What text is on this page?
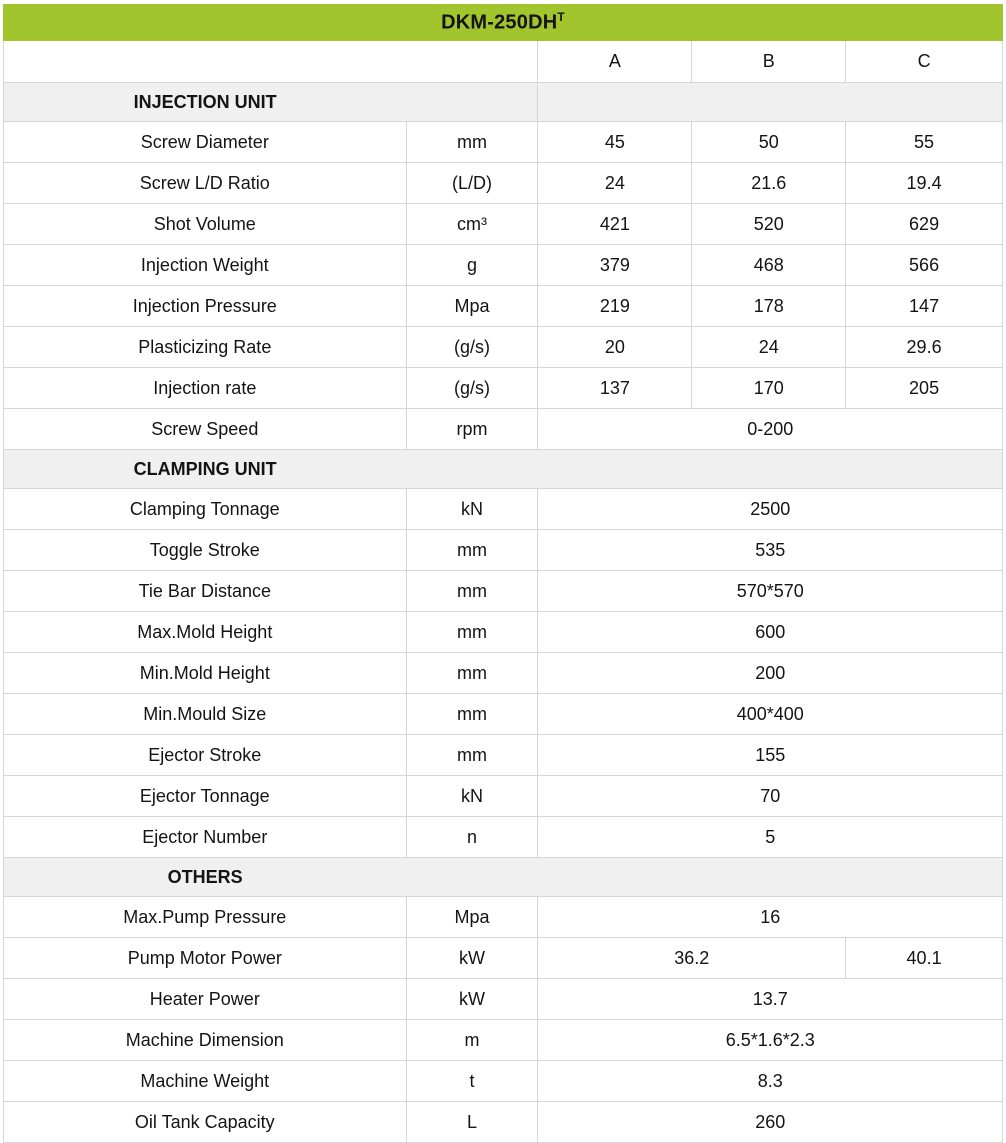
DKM-$250DH^T$
		A	B	C

INJECTION UNIT				

Screw Diameter	mm	45	50	55
Screw L/D Ratio	(L/D)	24	21.6	19.4
Shot Volume	cm³	421	520	629
Injection Weight	g	379	468	566
Injection Pressure	Mpa	219	178	147
Plasticizing Rate	(g/s)	20	24	29.6
Injection rate	(g/s)	137	170	205
Screw Speed	rpm	0-200		

CLAMPING UNIT				

Clamping Tonnage	kN	2500		
Toggle Stroke	mm	535		
Tie Bar Distance	mm	570*570		
Max.Mold Height	mm	600		
Min.Mold Height	mm	200		
Min.Mould Size	mm	400*400		
Ejector Stroke	mm	155		
Ejector Tonnage	kN	70		
Ejector Number	n	5		

OTHERS				

Max.Pump Pressure	Mpa	16		
Pump Motor Power	kW	36.2		40.1
Heater Power	kW	13.7		
Machine Dimension	m	6.5*1.6*2.3		
Machine Weight	t	8.3		
Oil Tank Capacity	L	260		
